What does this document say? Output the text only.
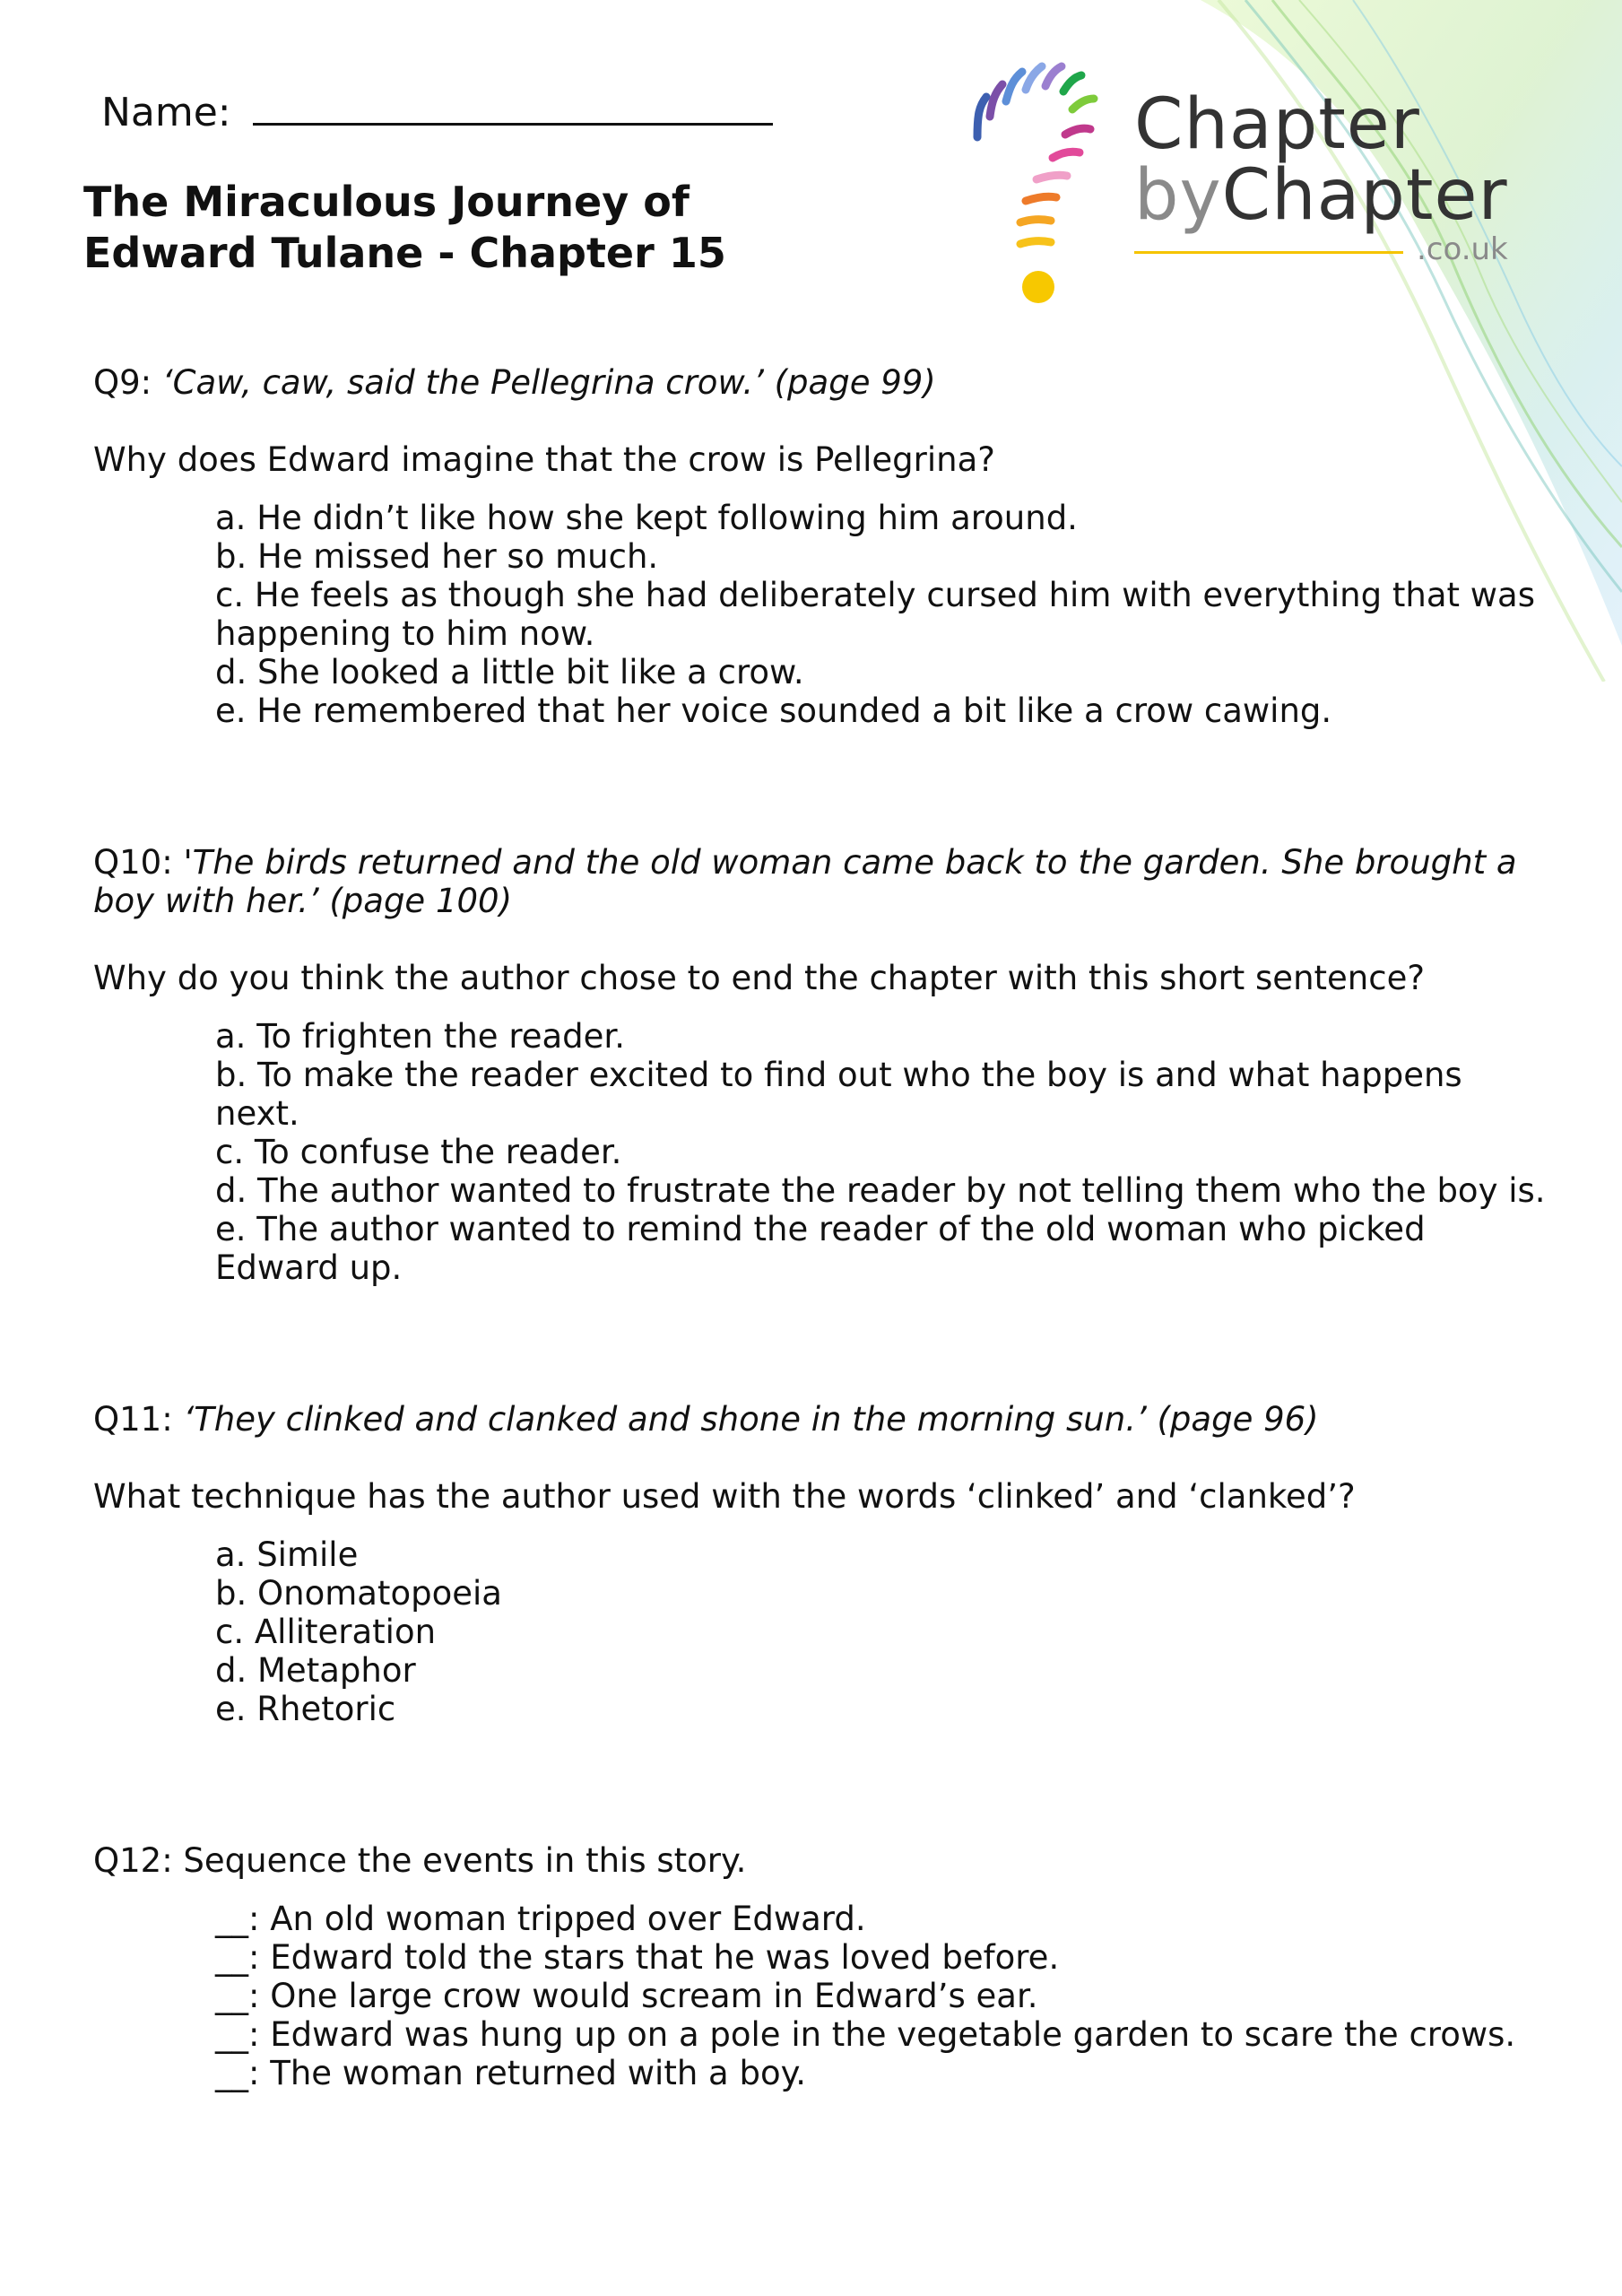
Name:
The Miraculous Journey of
Edward Tulane - Chapter 15
Chapter
byChapter
.co.uk

Q9: ‘Caw, caw, said the Pellegrina crow.’ (page 99)

Why does Edward imagine that the crow is Pellegrina?

a. He didn’t like how she kept following him around.
b. He missed her so much.
c. He feels as though she had deliberately cursed him with everything that was happening to him now.
d. She looked a little bit like a crow.
e. He remembered that her voice sounded a bit like a crow cawing.

Q10: 'The birds returned and the old woman came back to the garden. She brought a boy with her.’ (page 100)

Why do you think the author chose to end the chapter with this short sentence?

a. To frighten the reader.
b. To make the reader excited to find out who the boy is and what happens next.
c. To confuse the reader.
d. The author wanted to frustrate the reader by not telling them who the boy is.
e. The author wanted to remind the reader of the old woman who picked Edward up.

Q11: ‘They clinked and clanked and shone in the morning sun.’ (page 96)

What technique has the author used with the words ‘clinked’ and ‘clanked’?

a. Simile
b. Onomatopoeia
c. Alliteration
d. Metaphor
e. Rhetoric

Q12: Sequence the events in this story.

__: An old woman tripped over Edward.
__: Edward told the stars that he was loved before.
__: One large crow would scream in Edward’s ear.
__: Edward was hung up on a pole in the vegetable garden to scare the crows.
__: The woman returned with a boy.
